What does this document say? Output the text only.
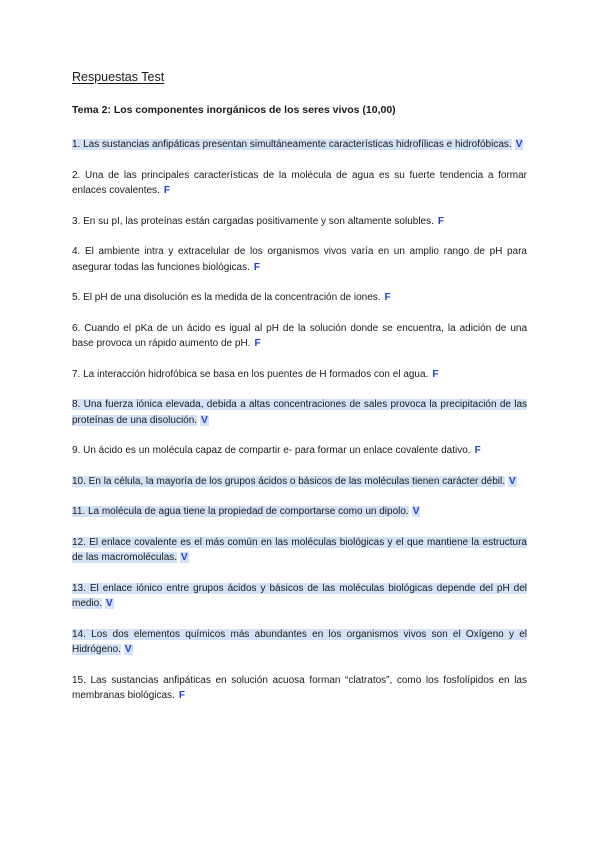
Respuestas Test
Tema 2: Los componentes inorgánicos de los seres vivos (10,00)
1. Las sustancias anfipáticas presentan simultáneamente características hidrofílicas e hidrofóbicas. V
2. Una de las principales características de la molécula de agua es su fuerte tendencia a formar enlaces covalentes. F
3. En su pI, las proteínas están cargadas positivamente y son altamente solubles. F
4. El ambiente intra y extracelular de los organismos vivos varía en un amplio rango de pH para asegurar todas las funciones biológicas. F
5. El pH de una disolución es la medida de la concentración de iones. F
6. Cuando el pKa de un ácido es igual al pH de la solución donde se encuentra, la adición de una base provoca un rápido aumento de pH. F
7. La interacción hidrofóbica se basa en los puentes de H formados con el agua. F
8. Una fuerza iónica elevada, debida a altas concentraciones de sales provoca la precipitación de las proteínas de una disolución. V
9. Un ácido es un molécula capaz de compartir e- para formar un enlace covalente dativo. F
10. En la célula, la mayoría de los grupos ácidos o básicos de las moléculas tienen carácter débil. V
11. La molécula de agua tiene la propiedad de comportarse como un dipolo. V
12. El enlace covalente es el más común en las moléculas biológicas y el que mantiene la estructura de las macromoléculas. V
13. El enlace iónico entre grupos ácidos y básicos de las moléculas biológicas depende del pH del medio. V
14. Los dos elementos químicos más abundantes en los organismos vivos son el Oxígeno y el Hidrógeno. V
15. Las sustancias anfipáticas en solución acuosa forman “clatratos”, como los fosfolípidos en las membranas biológicas. F
